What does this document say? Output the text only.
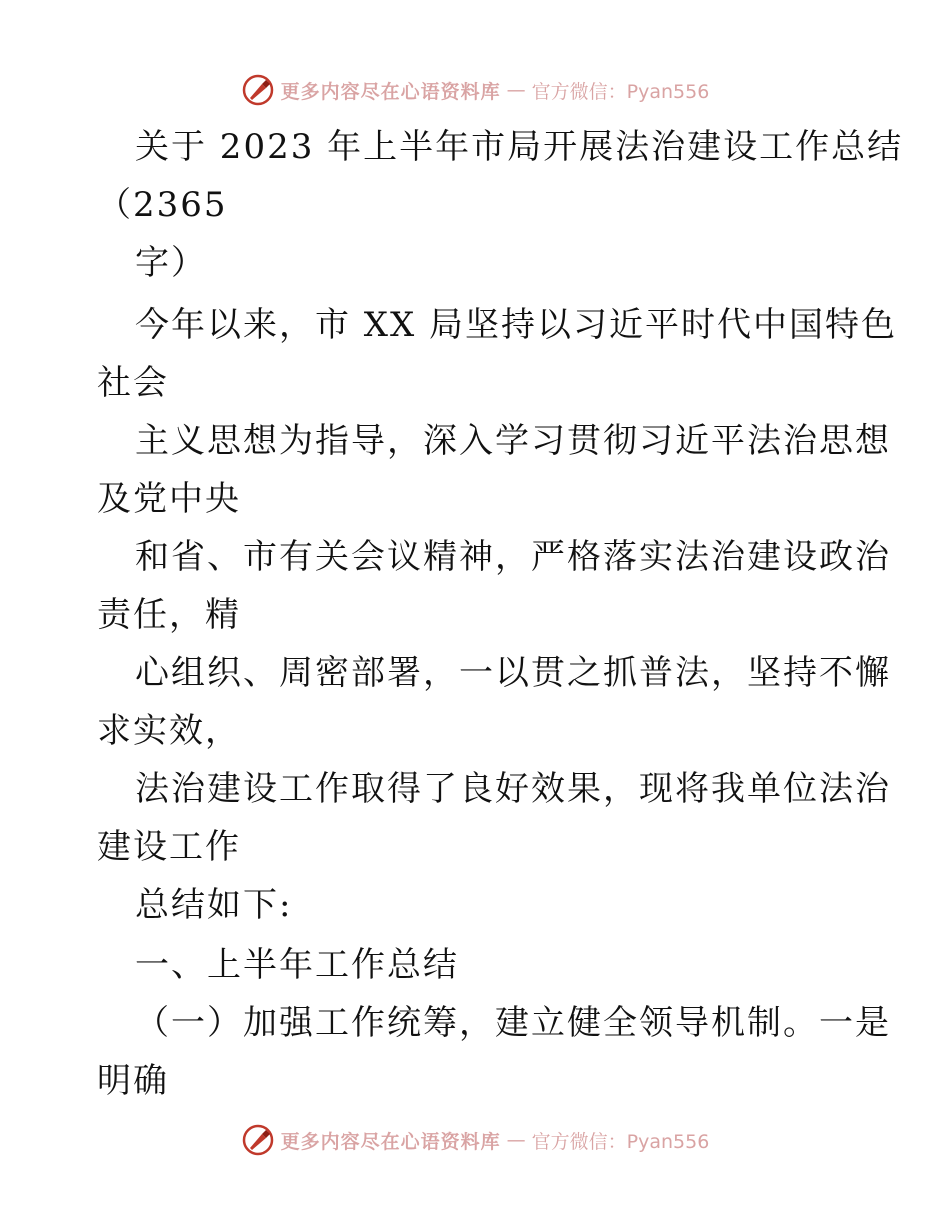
更多内容尽在心语资料库 — 官方微信：Pyan556
关于 2023 年上半年市局开展法治建设工作总结
（2365
字）
今年以来，市 XX 局坚持以习近平时代中国特色
社会
主义思想为指导，深入学习贯彻习近平法治思想
及党中央
和省、市有关会议精神，严格落实法治建设政治
责任，精
心组织、周密部署，一以贯之抓普法，坚持不懈
求实效，
法治建设工作取得了良好效果，现将我单位法治
建设工作
总结如下:
一、上半年工作总结
（一）加强工作统筹，建立健全领导机制。一是
明确
更多内容尽在心语资料库 — 官方微信：Pyan556
